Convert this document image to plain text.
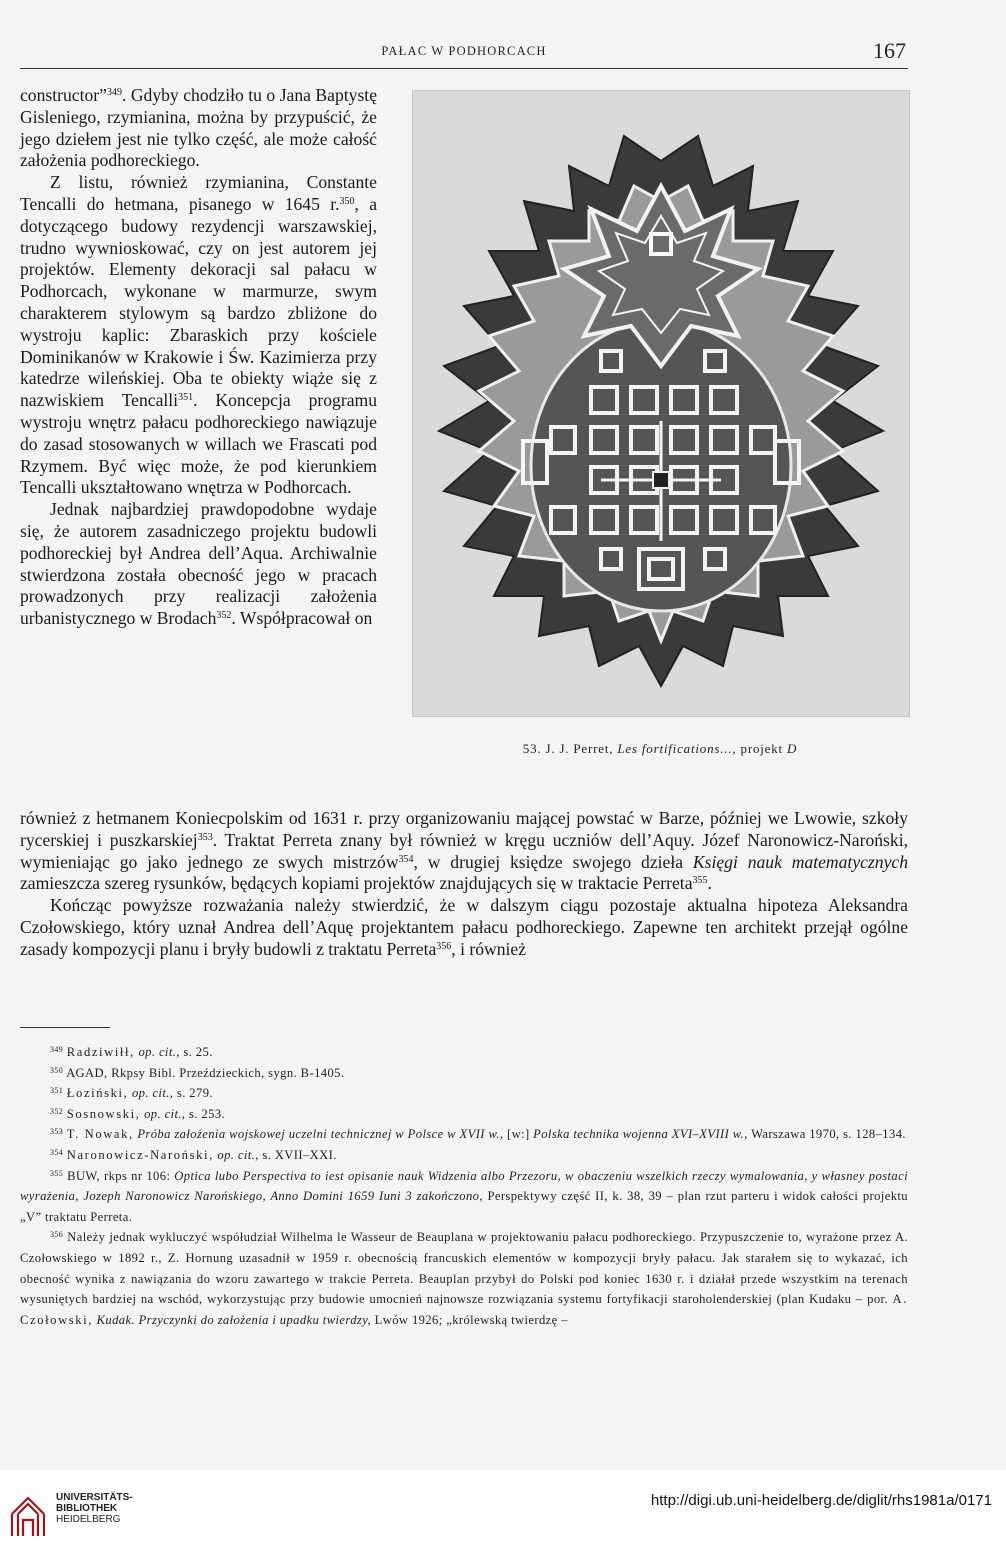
PAŁAC W PODHORCACH	167

constructor”$^{349}$. Gdyby chodziło tu o Jana Baptystę Gisleniego, rzymianina, można by przypuścić, że jego dziełem jest nie tylko część, ale może całość założenia podhoreckiego.

Z listu, również rzymianina, Constante Tencalli do hetmana, pisanego w 1645 r.$^{350}$, a dotyczącego budowy rezydencji warszawskiej, trudno wywnioskować, czy on jest autorem jej projektów. Elementy dekoracji sal pałacu w Podhorcach, wykonane w marmurze, swym charakterem stylowym są bardzo zbliżone do wystroju kaplic: Zbaraskich przy kościele Dominikanów w Krakowie i Św. Kazimierza przy katedrze wileńskiej. Oba te obiekty wiąże się z nazwiskiem Tencalli$^{351}$. Koncepcja programu wystroju wnętrz pałacu podhoreckiego nawiązuje do zasad stosowanych w willach we Frascati pod Rzymem. Być więc może, że pod kierunkiem Tencalli ukształtowano wnętrza w Podhorcach.

Jednak najbardziej prawdopodobne wydaje się, że autorem zasadniczego projektu budowli podhoreckiej był Andrea dell’Aqua. Archiwalnie stwierdzona została obecność jego w pracach prowadzonych przy realizacji założenia urbanistycznego w Brodach$^{352}$. Współpracował on

53. J. J. Perret, Les fortifications..., projekt D

również z hetmanem Koniecpolskim od 1631 r. przy organizowaniu mającej powstać w Barze, później we Lwowie, szkoły rycerskiej i puszkarskiej$^{353}$. Traktat Perreta znany był również w kręgu uczniów dell’Aquy. Józef Naronowicz-Naroński, wymieniając go jako jednego ze swych mistrzów$^{354}$, w drugiej księdze swojego dzieła Księgi nauk matematycznych zamieszcza szereg rysunków, będących kopiami projektów znajdujących się w traktacie Perreta$^{355}$.

Kończąc powyższe rozważania należy stwierdzić, że w dalszym ciągu pozostaje aktualna hipoteza Aleksandra Czołowskiego, który uznał Andrea dell’Aquę projektantem pałacu podhoreckiego. Zapewne ten architekt przejął ogólne zasady kompozycji planu i bryły budowli z traktatu Perreta$^{356}$, i również

$^{349}$ Radziwiłł, op. cit., s. 25.

$^{350}$ AGAD, Rkpsy Bibl. Przeździeckich, sygn. B-1405.

$^{351}$ Łoziński, op. cit., s. 279.

$^{352}$ Sosnowski, op. cit., s. 253.

$^{353}$ T. Nowak, Próba założenia wojskowej uczelni technicznej w Polsce w XVII w., [w:] Polska technika wojenna XVI–XVIII w., Warszawa 1970, s. 128–134.

$^{354}$ Naronowicz-Naroński, op. cit., s. XVII–XXI.

$^{355}$ BUW, rkps nr 106: Optica lubo Perspectiva to iest opisanie nauk Widzenia albo Przezoru, w obaczeniu wszelkich rzeczy wymalowania, y własney postaci wyrażenia, Jozeph Naronowicz Narońskiego, Anno Domini 1659 Iuni 3 zakończono, Perspektywy część II, k. 38, 39 – plan rzut parteru i widok całości projektu „V” traktatu Perreta.

$^{356}$ Należy jednak wykluczyć współudział Wilhelma le Wasseur de Beauplana w projektowaniu pałacu podhoreckiego. Przypuszczenie to, wyrażone przez A. Czołowskiego w 1892 r., Z. Hornung uzasadnił w 1959 r. obecnością francuskich elementów w kompozycji bryły pałacu. Jak starałem się to wykazać, ich obecność wynika z nawiązania do wzoru zawartego w trakcie Perreta. Beauplan przybył do Polski pod koniec 1630 r. i działał przede wszystkim na terenach wysuniętych bardziej na wschód, wykorzystując przy budowie umocnień najnowsze rozwiązania systemu fortyfikacji staroholenderskiej (plan Kudaku – por. A. Czołowski, Kudak. Przyczynki do założenia i upadku twierdzy, Lwów 1926; „królewską twierdzę –

UNIVERSITÄTS-
BIBLIOTHEK
HEIDELBERG
http://digi.ub.uni-heidelberg.de/diglit/rhs1981a/0171
